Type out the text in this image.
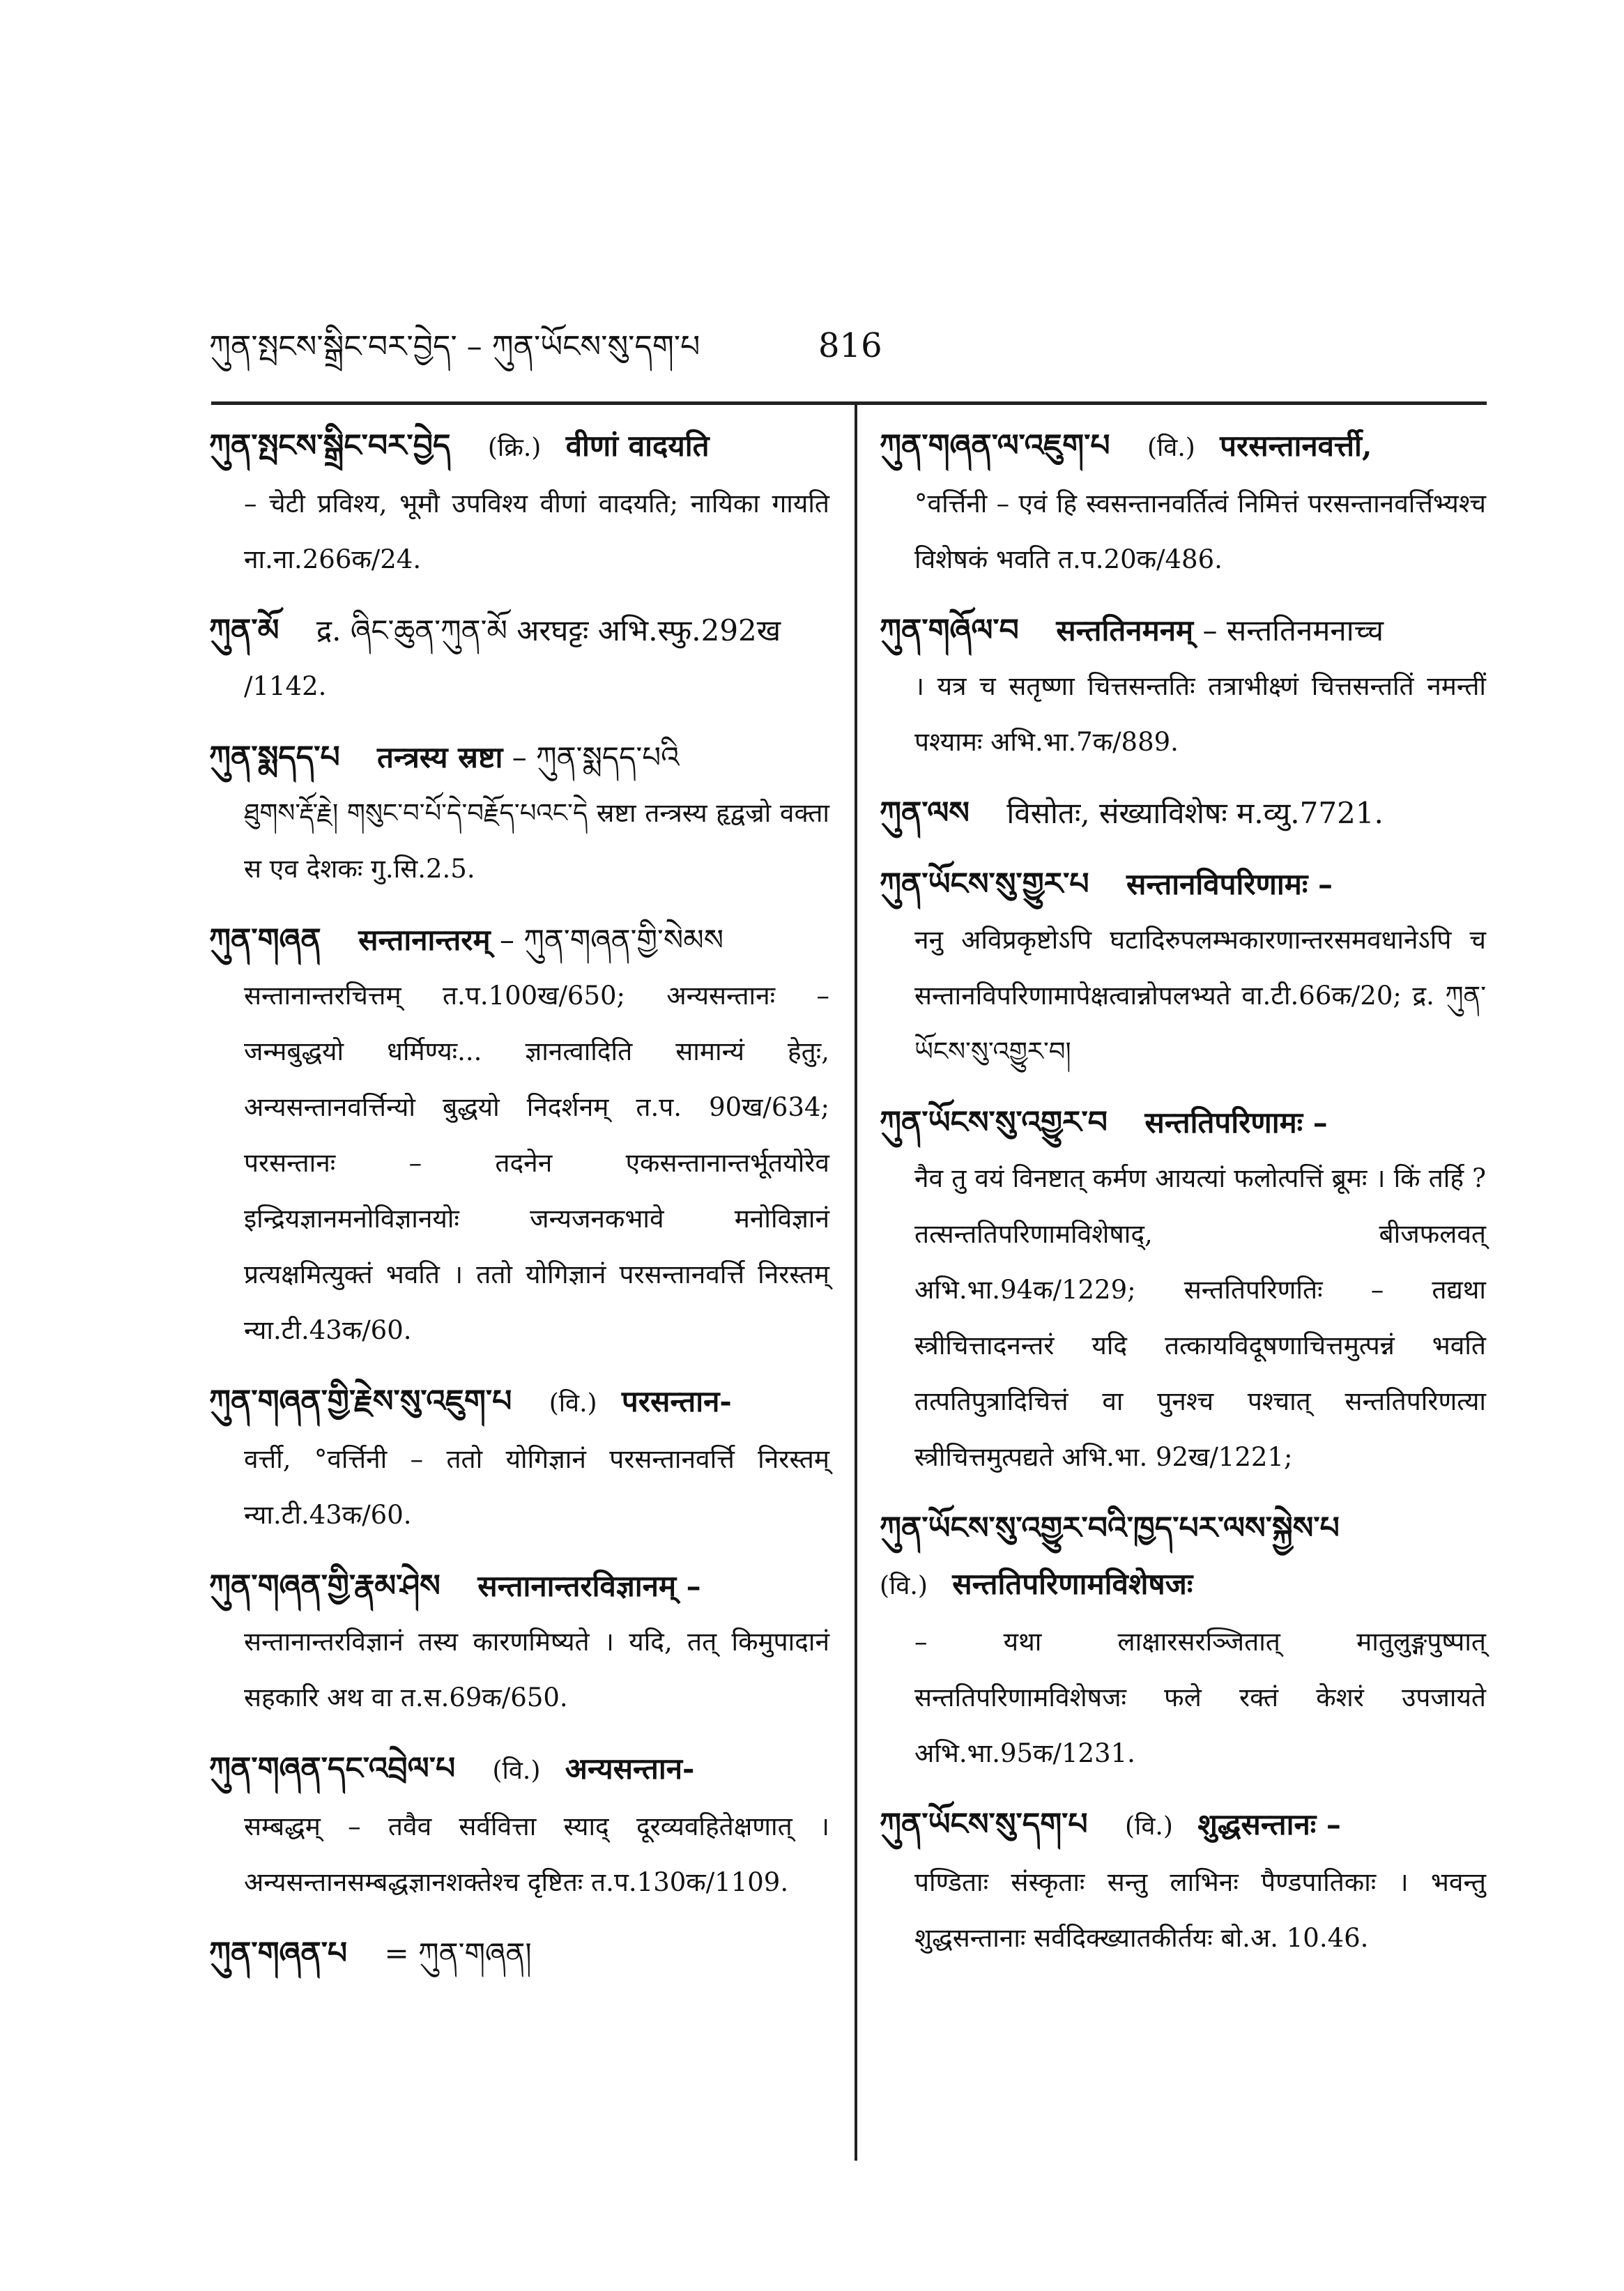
ཀུན་སྤངས་སྒྲིང་བར་བྱེད་ – ཀུན་ཡོངས་སུ་དག་པ	816
ཀུན་སྤངས་སྒྲིང་བར་བྱེད (क्रि.) वीणां वादयति

– चेटी प्रविश्य, भूमौ उपविश्य वीणां वादयति; नायिका गायति ना.ना.266क/24.

ཀུན་མོ द्र. ཞིང་ཆུན་ཀུན་མོ अरघट्टः अभि.स्फु.292ख

/1142.

ཀུན་སྨདད་པ तन्त्रस्य स्रष्टा – ཀུན་སྨདད་པའི

ཐུགས་རྡོ་རྗེ། གསུང་བ་པོ་དེ་བརྗོད་པའང་དེ स्रष्टा तन्त्रस्य हृद्वज्रो वक्ता स एव देशकः गु.सि.2.5.

ཀུན་གཞན सन्तानान्तरम् – ཀུན་གཞན་གྱི་སེམས

सन्तानान्तरचित्तम् त.प.100ख/650; अन्यसन्तानः – जन्मबुद्धयो धर्मिण्यः... ज्ञानत्वादिति सामान्यं हेतुः, अन्यसन्तानवर्त्तिन्यो बुद्धयो निदर्शनम् त.प. 90ख/634; परसन्तानः – तदनेन एकसन्तानान्तर्भूतयोरेव इन्द्रियज्ञानमनोविज्ञानयोः जन्यजनकभावे मनोविज्ञानं प्रत्यक्षमित्युक्तं भवति । ततो योगिज्ञानं परसन्तानवर्त्ति निरस्तम् न्या.टी.43क/60.

ཀུན་གཞན་གྱི་རྗེས་སུ་འཇུག་པ (वि.) परसन्तान-

वर्त्ती, °वर्त्तिनी – ततो योगिज्ञानं परसन्तानवर्त्ति निरस्तम् न्या.टी.43क/60.

ཀུན་གཞན་གྱི་རྣམ་ཤེས सन्तानान्तरविज्ञानम् –

सन्तानान्तरविज्ञानं तस्य कारणमिष्यते । यदि, तत् किमुपादानं सहकारि अथ वा त.स.69क/650.

ཀུན་གཞན་དང་འབྲེལ་པ (वि.) अन्यसन्तान-

सम्बद्धम् – तवैव सर्ववित्ता स्याद् दूरव्यवहितेक्षणात् । अन्यसन्तानसम्बद्धज्ञानशक्तेश्च दृष्टितः त.प.130क/1109.

ཀུན་གཞན་པ = ཀུན་གཞན།
ཀུན་གཞན་ལ་འཇུག་པ (वि.) परसन्तानवर्त्ती,

°वर्त्तिनी – एवं हि स्वसन्तानवर्तित्वं निमित्तं परसन्तानवर्त्तिभ्यश्च विशेषकं भवति त.प.20क/486.

ཀུན་གཞོལ་བ सन्ततिनमनम् – सन्ततिनमनाच्च

। यत्र च सतृष्णा चित्तसन्ततिः तत्राभीक्ष्णं चित्तसन्ततिं नमन्तीं पश्यामः अभि.भा.7क/889.

ཀུན་ལས विसोतः, संख्याविशेषः म.व्यु.7721.
ཀུན་ཡོངས་སུ་གྱུར་པ सन्तानविपरिणामः –

ननु अविप्रकृष्टोऽपि घटादिरुपलम्भकारणान्तरसमवधानेऽपि च सन्तानविपरिणामापेक्षत्वान्नोपलभ्यते वा.टी.66क/20; द्र. ཀུན་ཡོངས་སུ་འགྱུར་བ།

ཀུན་ཡོངས་སུ་འགྱུར་བ सन्ततिपरिणामः –

नैव तु वयं विनष्टात् कर्मण आयत्यां फलोत्पत्तिं ब्रूमः । किं तर्हि ? तत्सन्ततिपरिणामविशेषाद्, बीजफलवत् अभि.भा.94क/1229; सन्ततिपरिणतिः – तद्यथा स्त्रीचित्तादनन्तरं यदि तत्कायविदूषणाचित्तमुत्पन्नं भवति तत्पतिपुत्रादिचित्तं वा पुनश्च पश्चात् सन्ततिपरिणत्या स्त्रीचित्तमुत्पद्यते अभि.भा. 92ख/1221;

ཀུན་ཡོངས་སུ་འགྱུར་བའི་ཁྱད་པར་ལས་སྐྱེས་པ
(वि.) सन्ततिपरिणामविशेषजः

– यथा लाक्षारसरञ्जितात् मातुलुङ्गपुष्पात् सन्ततिपरिणामविशेषजः फले रक्तं केशरं उपजायते अभि.भा.95क/1231.

ཀུན་ཡོངས་སུ་དག་པ (वि.) शुद्धसन्तानः –

पण्डिताः संस्कृताः सन्तु लाभिनः पैण्डपातिकाः । भवन्तु शुद्धसन्तानाः सर्वदिक्ख्यातकीर्तयः बो.अ. 10.46.
